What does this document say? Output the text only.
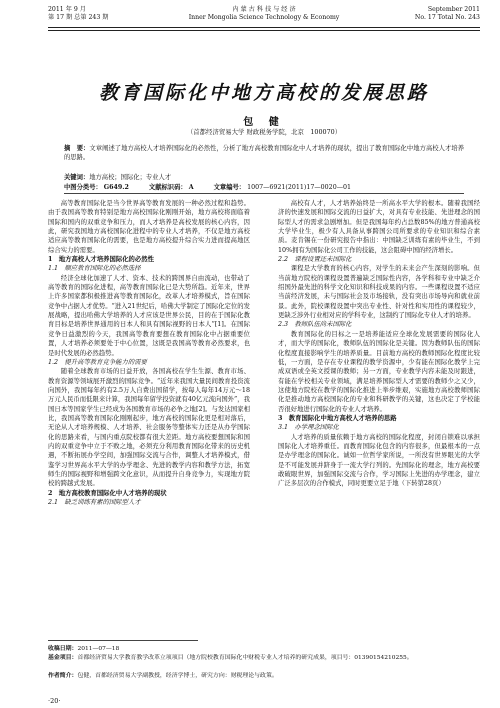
2011 年 9 月
第 17 期 总第 243 期
内 蒙 古 科 技 与 经 济
Inner Mongolia Science Technology & Economy
September 2011
No. 17 Total No. 243
教育国际化中地方高校的发展思路
包 健
（首都经济贸易大学 财政税务学院，北京　100070）
摘　要：文章阐述了地方高校人才培养国际化的必然性，分析了地方高校教育国际化中人才培养的现状，提出了教育国际化中地方高校人才培养的思路。
关键词：地方高校；国际化；专业人才
中图分类号： G649.2	文献标识码： A	文章编号： 1007—6921(2011)17—0020—01

高等教育国际化是当今世界高等教育发展的一种必然过程和趋势。由于我国高等教育特别是地方高校国际化刚刚开始，地方高校将面临着国际和国内的双重竞争和压力，而人才培养是高校发展的核心内容，因此，研究我国地方高校国际化进程中的专业人才培养，不仅是地方高校适应高等教育国际化的需要，也是地方高校提升综合实力进而提高地区综合实力的需要。

1　地方高校人才培养国际化的必然性

1.1　顺应教育国际化的必然选择

经济全球化加速了人才、资本、技术的跨国界自由流动，也带动了高等教育的国际化进程，高等教育国际化已是大势所趋。近年来，世界上许多国家都积极推进高等教育国际化，改革人才培养模式，旨在国际竞争中占据人才优势。“进入21世纪后，哈佛大学制定了国际化定位的发展战略，提出哈佛大学培养的人才应该是世界公民，目的在于国际化教育目标是培养世界通用的日本人和具有国际视野的日本人”[1]。在国际竞争日益激烈的今天，我国高等教育要想在教育国际化中占据重要位置，人才培养必须要处于中心位置，这既是我国高等教育必然要求，也是时代发展的必然趋势。

1.2　提升高等教育竞争能力的需要

随着全球教育市场的日益开放，各国高校在学生生源、教育市场、教育资源等领域展开激烈的国际竞争。“近年来我国大量民间教育投资流向国外，我国每年约有2.5万人自费出国留学，按每人每年14万元～18万元人民币而低限来计算，我国每年留学投资就有40亿元流向国外”，我国日本等国家学生已经成为各国教育市场的必争之地[2]。与发达国家相比，我国高等教育国际化刚刚起步，地方高校的国际化更是相对落后，无论从人才培养规模、人才培养、社会服务等整体实力还是从办学国际化的思路来看，与国内重点院校都有很大差距。地方高校要想国际和国内的双重竞争中立于不败之地，必须充分利用教育国际化带来的历史机遇，不断拓展办学空间，加强国际交流与合作，调整人才培养模式，借鉴学习世界高水平大学的办学理念、先进的教学内容和教学方法，拓宽师生的国际视野和增强跨文化意识，从而提升自身竞争力，实现地方院校的跨越式发展。

2　地方高校教育国际化中人才培养的现状

2.1　缺乏训练有素的国际型人才

高校有人才，人才培养始终是一所高水平大学的根本。随着我国经济的快速发展和国际交流的日益扩大，对具有专业技能、先进理念的国际型人才的需求急剧增加。但是我国每年约占总数85%的地方普通高校大学毕业生，极少有人具备从事跨国公司所要求的专业知识和综合素质。麦肯锡在一份研究报告中指出：中国缺乏训练有素的毕业生，不到10%拥有为国际化公司工作的技能，这会阻碍中国的经济增长。

2.2　课程设置还未国际化

课程是大学教育的核心内容，对学生的未来会产生深刻的影响。但当前地方院校的课程设置普遍缺乏国际性内容，各学科和专业中缺乏介绍国外最先进的科学文化知识和科技成果的内容。一些课程设置不适应当前经济发展，未与国际社会及市场接轨，没有突出市场导向和就业前景。此外，院校课程设置中突出专业性、针对性和实用性的课程较少，更缺乏涉外行业相对应的学科专业，这制约了国际化专业人才的培养。

2.3　教师队伍尚未国际化

教育国际化的目标之一是培养能适应全球化发展需要的国际化人才，而大学的国际化，教师队伍的国际化是关键。因为教师队伍的国际化程度直接影响学生的培养质量。目前地方高校的教师国际化程度比较低，一方面，是存在专业课程的教学资源中，少有能在国际化教学上完成双语或全英文授课的教师；另一方面，专业教学内容未能及时跟进，有能在学校相关专业领域，满足培养国际型人才需要的教师少之又少，这使地方院校在教学的国际化推进上举步维艰，实施地方高校教师国际化是推动地方高校国际化的专业和科研教学的关键，这也决定了学校能否很好地进行国际化的专业人才培养。

3　教育国际化中地方高校人才培养的思路

3.1　办学理念国际化

人才培养的质量依赖于地方高校的国际化程度，封闭自锁难以承担国际化人才培养重任。而教育国际化包含的内容很多，但最根本的一点是办学理念的国际化。诚如一位哲学家所说，一所没有世界眼光的大学是不可能发展并跻身于一流大学行列的。先国际化的理念，地方高校要敢破眼世界，加强国际交流与合作，学习国际上先进的办学理念，建立广泛多层次的合作模式，同时更要立足于地（下转第28页）

收稿日期：2011—07—18
基金项目：首都经济贸易大学教育教学改革立项项目（地方院校教育国际化中财税专业人才培养的研究成果，项目号：01390154210255。
作者简介：包健，首都经济贸易大学副教授，经济学博士，研究方向：财税理论与政策。
·20·
